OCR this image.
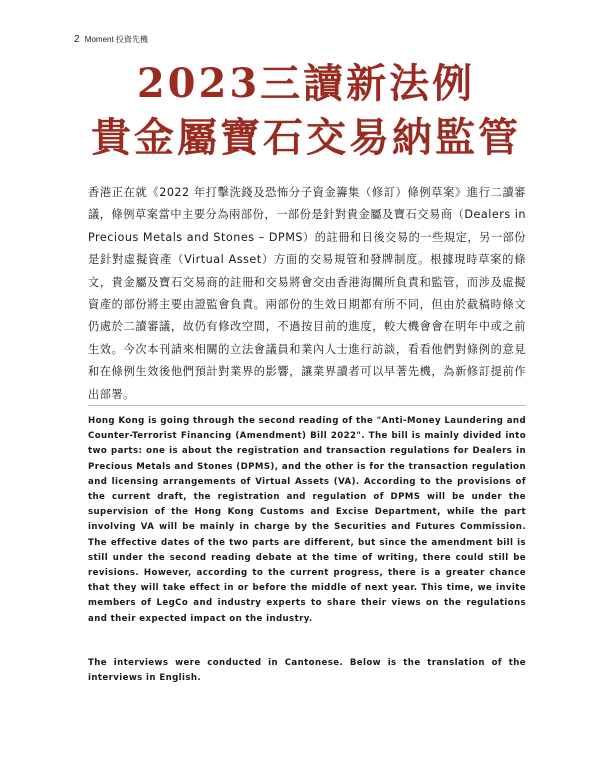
2 Moment 投資先機
2023三讀新法例
貴金屬寶石交易納監管

香港正在就《2022 年打擊洗錢及恐怖分子資金籌集（修訂）條例草案》進行二讀審議，條例草案當中主要分為兩部份，一部份是針對貴金屬及寶石交易商（Dealers in Precious Metals and Stones – DPMS）的註冊和日後交易的一些規定，另一部份是針對虛擬資產（Virtual Asset）方面的交易規管和發牌制度。根據現時草案的條文，貴金屬及寶石交易商的註冊和交易將會交由香港海關所負責和監管，而涉及虛擬資產的部份將主要由證監會負責。兩部份的生效日期都有所不同，但由於截稿時條文仍處於二讀審議，故仍有修改空間，不過按目前的進度，較大機會會在明年中或之前生效。今次本刊請來相關的立法會議員和業內人士進行訪談，看看他們對條例的意見和在條例生效後他們預計對業界的影響，讓業界讀者可以早著先機，為新修訂提前作出部署。

Hong Kong is going through the second reading of the "Anti-Money Laundering and Counter-Terrorist Financing (Amendment) Bill 2022". The bill is mainly divided into two parts: one is about the registration and transaction regulations for Dealers in Precious Metals and Stones (DPMS), and the other is for the transaction regulation and licensing arrangements of Virtual Assets (VA). According to the provisions of the current draft, the registration and regulation of DPMS will be under the supervision of the Hong Kong Customs and Excise Department, while the part involving VA will be mainly in charge by the Securities and Futures Commission. The effective dates of the two parts are different, but since the amendment bill is still under the second reading debate at the time of writing, there could still be revisions. However, according to the current progress, there is a greater chance that they will take effect in or before the middle of next year. This time, we invite members of LegCo and industry experts to share their views on the regulations and their expected impact on the industry.

The interviews were conducted in Cantonese. Below is the translation of the interviews in English.
